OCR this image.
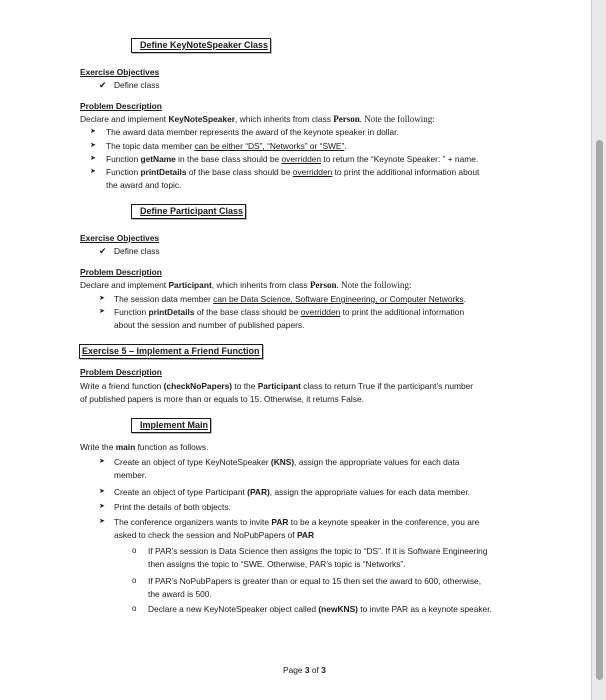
Define KeyNoteSpeaker Class
Exercise Objectives
✔ Define class
Problem Description
Declare and implement KeyNoteSpeaker, which inherits from class Person. Note the following:
➤ The award data member represents the award of the keynote speaker in dollar.
➤ The topic data member can be either “DS”, “Networks” or “SWE”.
➤ Function getName in the base class should be overridden to return the “Keynote Speaker: ” + name.
➤ Function printDetails of the base class should be overridden to print the additional information about
the award and topic.
Define Participant Class
Exercise Objectives
✔ Define class
Problem Description
Declare and implement Participant, which inherits from class Person. Note the following:
➤ The session data member can be Data Science, Software Engineering, or Computer Networks.
➤ Function printDetails of the base class should be overridden to print the additional information
about the session and number of published papers.
Exercise 5 – Implement a Friend Function
Problem Description
Write a friend function (checkNoPapers) to the Participant class to return True if the participant’s number
of published papers is more than or equals to 15. Otherwise, it returns False.
Implement Main
Write the main function as follows.
➤ Create an object of type KeyNoteSpeaker (KNS), assign the appropriate values for each data
member.
➤ Create an object of type Participant (PAR), assign the appropriate values for each data member.
➤ Print the details of both objects.
➤ The conference organizers wants to invite PAR to be a keynote speaker in the conference, you are
asked to check the session and NoPubPapers of PAR
o If PAR’s session is Data Science then assigns the topic to “DS”. If it is Software Engineering
then assigns the topic to “SWE. Otherwise, PAR’s topic is “Networks”.
o If PAR’s NoPubPapers is greater than or equal to 15 then set the award to 600, otherwise,
the award is 500.
o Declare a new KeyNoteSpeaker object called (newKNS) to invite PAR as a keynote speaker.
Page 3 of 3
